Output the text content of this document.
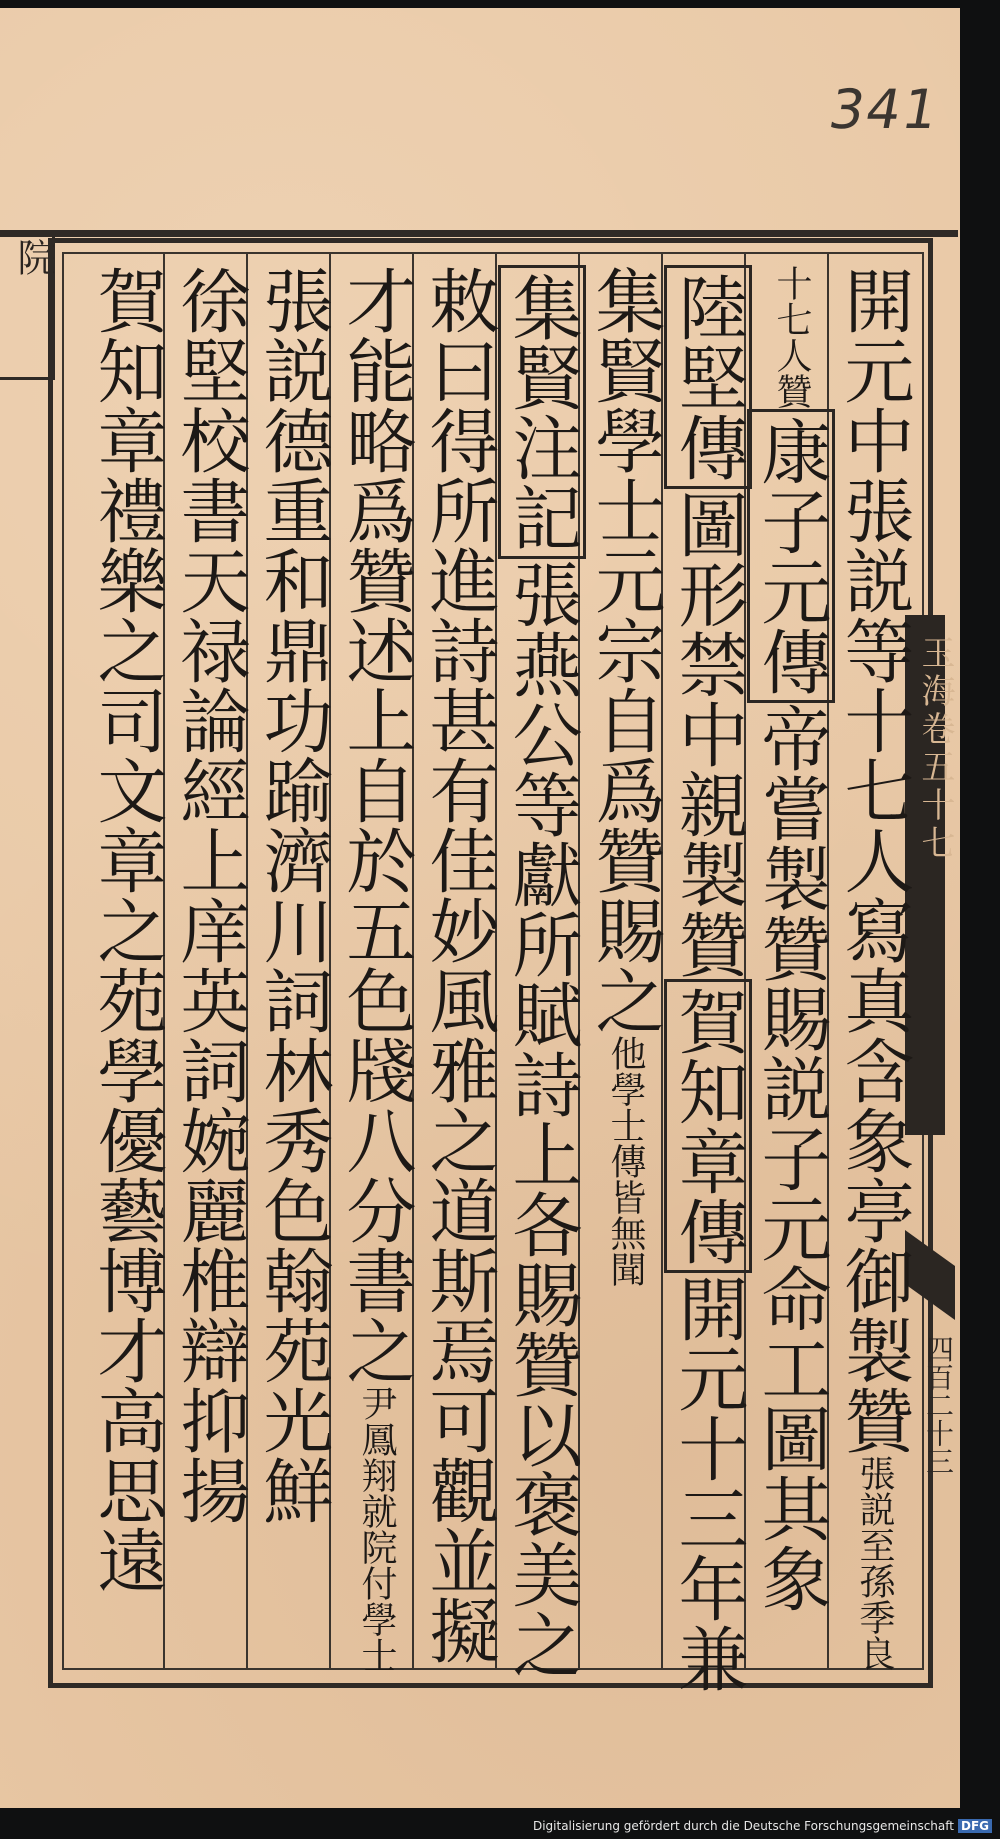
341
院
玉海卷五十七
四百二十三
開元中張説等十七人寫真含象亭御製贊張説至孫季良
十七人贊康子元傳帝嘗製贊賜説子元命工圖其象
陸堅傳圖形禁中親製贊賀知章傳開元十三年兼
集賢學士元宗自爲贊賜之他學士傳皆無聞
集賢注記張燕公等獻所賦詩上各賜贊以褒美之
敕曰得所進詩甚有佳妙風雅之道斯焉可觀並擬
才能略爲贊述上自於五色牋八分書之尹鳳翔就院付學士
張説德重和鼎功踰濟川詞林秀色翰苑光鮮
徐堅校書天禄論經上庠英詞婉麗椎辯抑揚
賀知章禮樂之司文章之苑學優藝博才高思遠
Digitalisierung gefördert durch die Deutsche Forschungsgemeinschaft DFG
